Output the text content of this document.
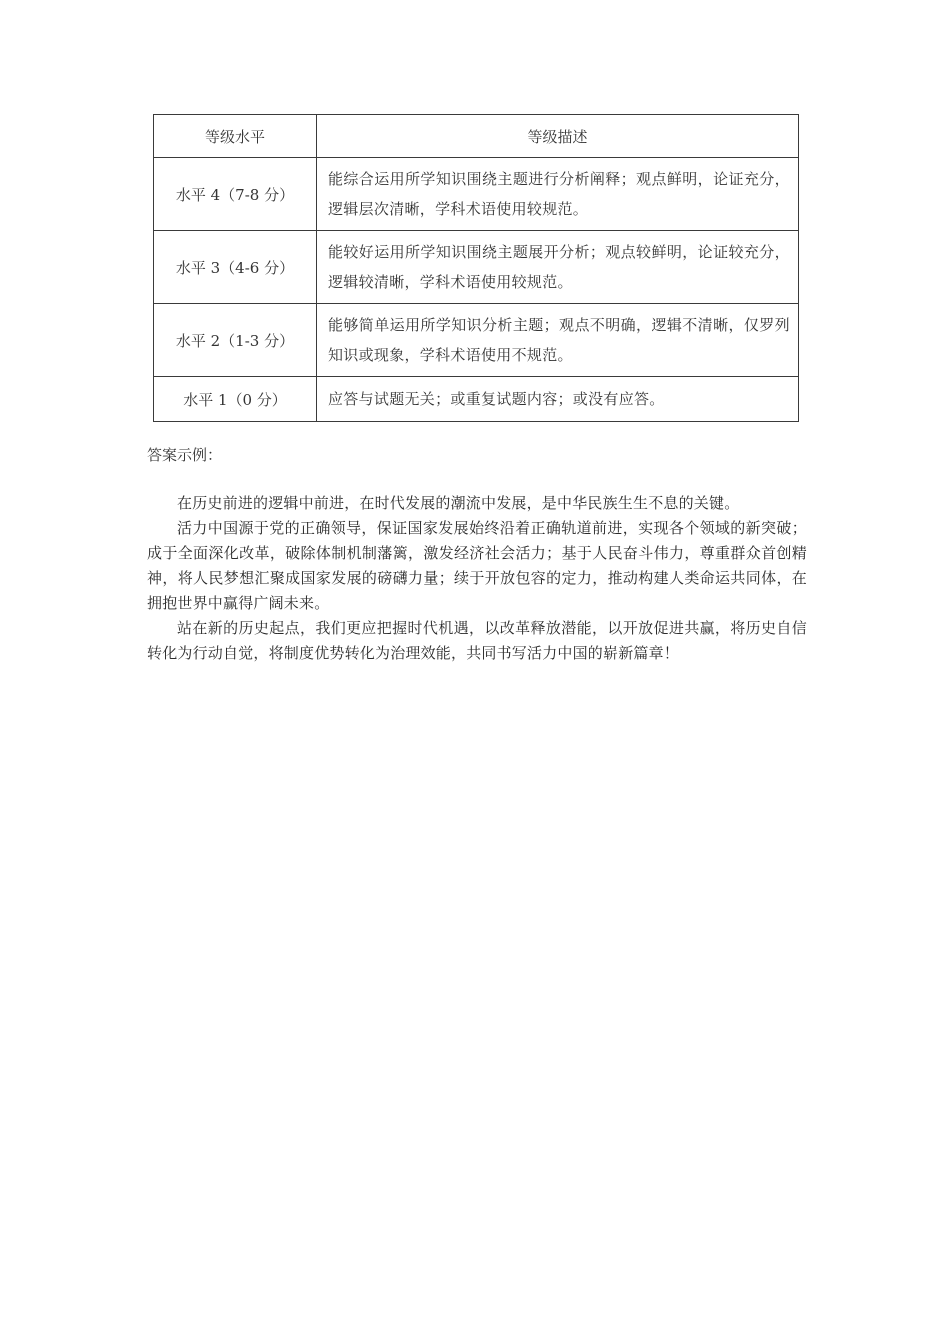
等级水平	等级描述
水平 4（7-8 分）	能综合运用所学知识围绕主题进行分析阐释；观点鲜明，论证充分，逻辑层次清晰，学科术语使用较规范。
水平 3（4-6 分）	能较好运用所学知识围绕主题展开分析；观点较鲜明，论证较充分，逻辑较清晰，学科术语使用较规范。
水平 2（1-3 分）	能够简单运用所学知识分析主题；观点不明确，逻辑不清晰，仅罗列知识或现象，学科术语使用不规范。
水平 1（0 分）	应答与试题无关；或重复试题内容；或没有应答。
答案示例：

在历史前进的逻辑中前进，在时代发展的潮流中发展，是中华民族生生不息的关键。

活力中国源于党的正确领导，保证国家发展始终沿着正确轨道前进，实现各个领域的新突破；成于全面深化改革，破除体制机制藩篱，激发经济社会活力；基于人民奋斗伟力，尊重群众首创精神，将人民梦想汇聚成国家发展的磅礴力量；续于开放包容的定力，推动构建人类命运共同体，在拥抱世界中赢得广阔未来。

站在新的历史起点，我们更应把握时代机遇，以改革释放潜能，以开放促进共赢，将历史自信转化为行动自觉，将制度优势转化为治理效能，共同书写活力中国的崭新篇章！
